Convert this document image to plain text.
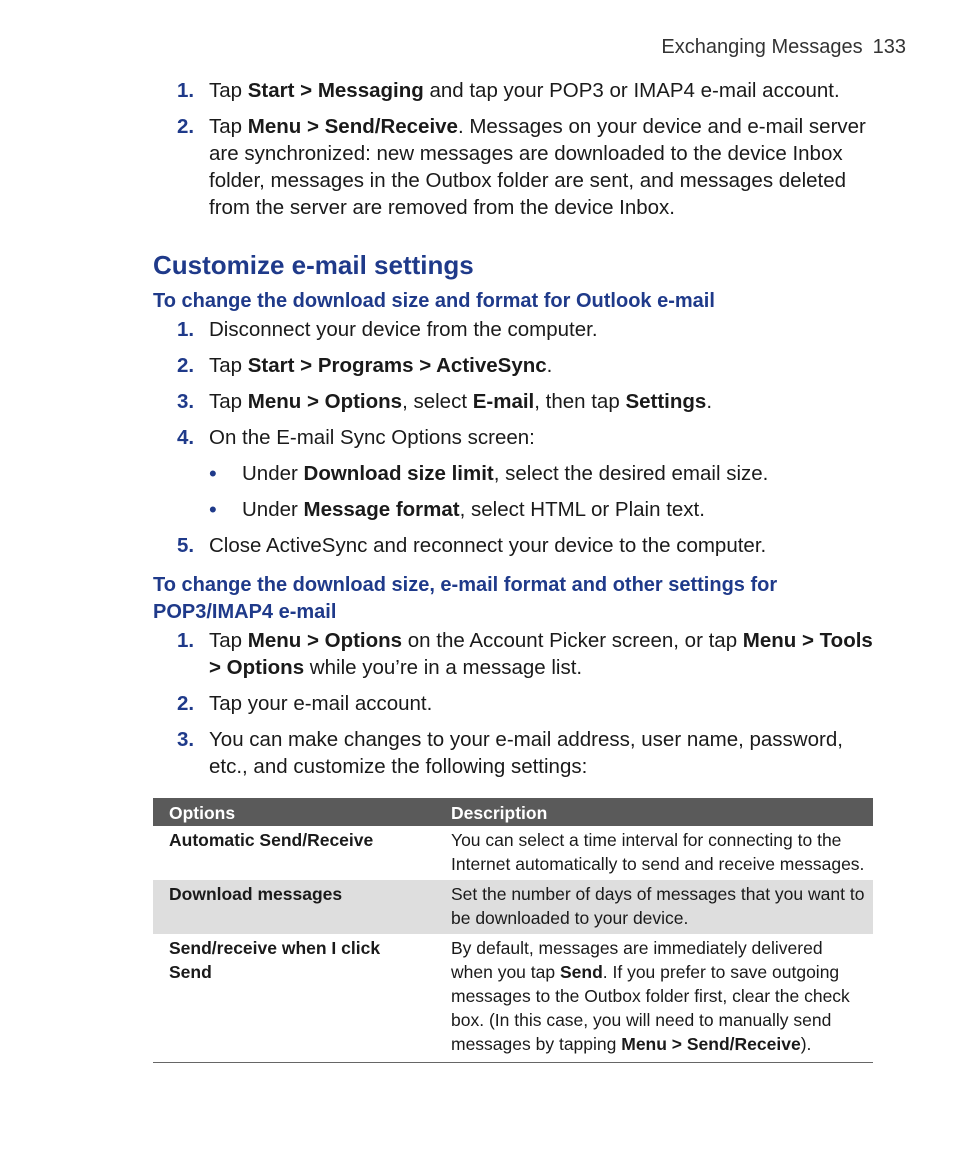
Exchanging Messages 133
1. Tap Start > Messaging and tap your POP3 or IMAP4 e-mail account.
2. Tap Menu > Send/Receive. Messages on your device and e-mail server are synchronized: new messages are downloaded to the device Inbox folder, messages in the Outbox folder are sent, and messages deleted from the server are removed from the device Inbox.
Customize e-mail settings
To change the download size and format for Outlook e-mail
1. Disconnect your device from the computer.
2. Tap Start > Programs > ActiveSync.
3. Tap Menu > Options, select E-mail, then tap Settings.
4. On the E-mail Sync Options screen:
• Under Download size limit, select the desired email size.
• Under Message format, select HTML or Plain text.
5. Close ActiveSync and reconnect your device to the computer.
To change the download size, e-mail format and other settings for POP3/IMAP4 e-mail
1. Tap Menu > Options on the Account Picker screen, or tap Menu > Tools > Options while you’re in a message list.
2. Tap your e-mail account.
3. You can make changes to your e-mail address, user name, password, etc., and customize the following settings:
Options	Description
Automatic Send/Receive	You can select a time interval for connecting to the Internet automatically to send and receive messages.
Download messages	Set the number of days of messages that you want to be downloaded to your device.
Send/receive when I click Send	By default, messages are immediately delivered when you tap Send. If you prefer to save outgoing messages to the Outbox folder first, clear the check box. (In this case, you will need to manually send messages by tapping Menu > Send/Receive).
